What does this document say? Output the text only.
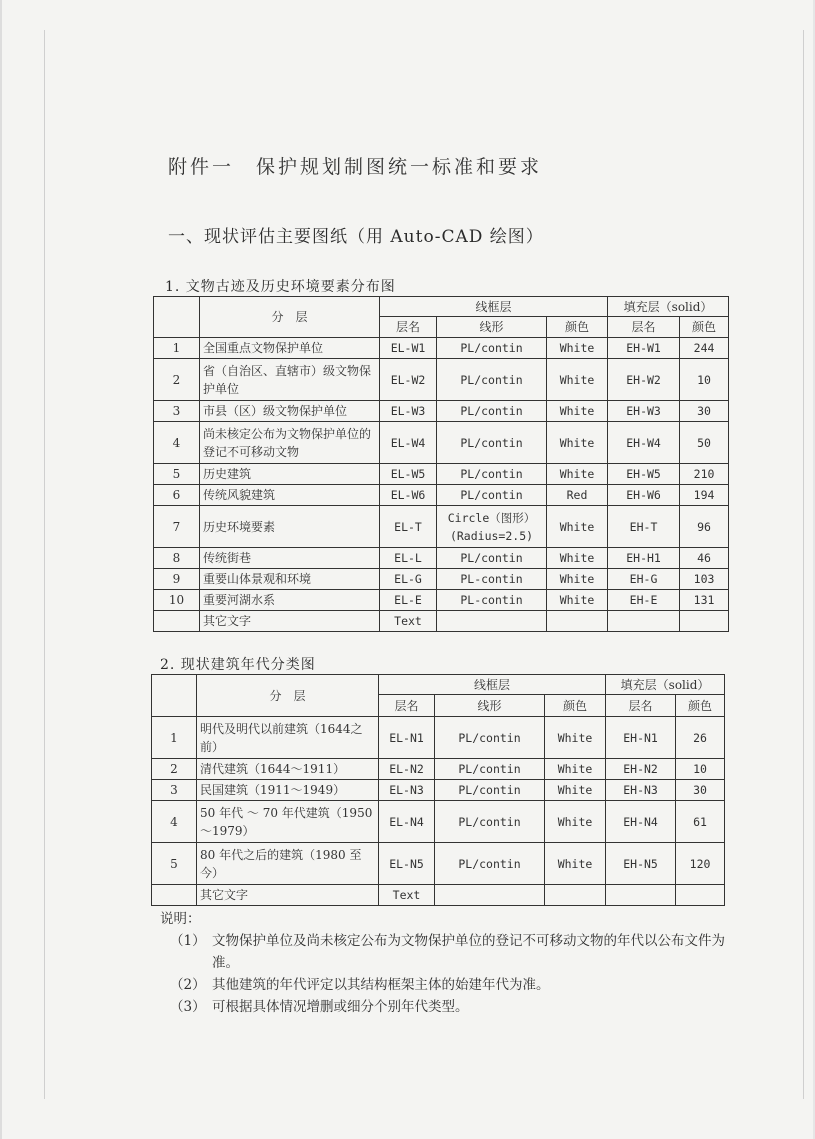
附件一　保护规划制图统一标准和要求
一、现状评估主要图纸（用 Auto-CAD 绘图）
1. 文物古迹及历史环境要素分布图
	分　层	线框层			填充层（solid）	
		层名	线形	颜色	层名	颜色
1	全国重点文物保护单位	EL-W1	PL/contin	White	EH-W1	244
2	省（自治区、直辖市）级文物保护单位	EL-W2	PL/contin	White	EH-W2	10
3	市县（区）级文物保护单位	EL-W3	PL/contin	White	EH-W3	30
4	尚未核定公布为文物保护单位的登记不可移动文物	EL-W4	PL/contin	White	EH-W4	50
5	历史建筑	EL-W5	PL/contin	White	EH-W5	210
6	传统风貌建筑	EL-W6	PL/contin	Red	EH-W6	194
7	历史环境要素	EL-T	Circle（图形）(Radius=2.5)	White	EH-T	96
8	传统街巷	EL-L	PL/contin	White	EH-H1	46
9	重要山体景观和环境	EL-G	PL-contin	White	EH-G	103
10	重要河湖水系	EL-E	PL-contin	White	EH-E	131
	其它文字	Text				
2. 现状建筑年代分类图
	分　层	线框层			填充层（solid）	
		层名	线形	颜色	层名	颜色
1	明代及明代以前建筑（1644之前）	EL-N1	PL/contin	White	EH-N1	26
2	清代建筑（1644～1911）	EL-N2	PL/contin	White	EH-N2	10
3	民国建筑（1911～1949）	EL-N3	PL/contin	White	EH-N3	30
4	50 年代 ～ 70 年代建筑（1950～1979）	EL-N4	PL/contin	White	EH-N4	61
5	80 年代之后的建筑（1980 至今）	EL-N5	PL/contin	White	EH-N5	120
	其它文字	Text				
说明：
（1） 文物保护单位及尚未核定公布为文物保护单位的登记不可移动文物的年代以公布文件为准。
（2） 其他建筑的年代评定以其结构框架主体的始建年代为准。
（3） 可根据具体情况增删或细分个别年代类型。
